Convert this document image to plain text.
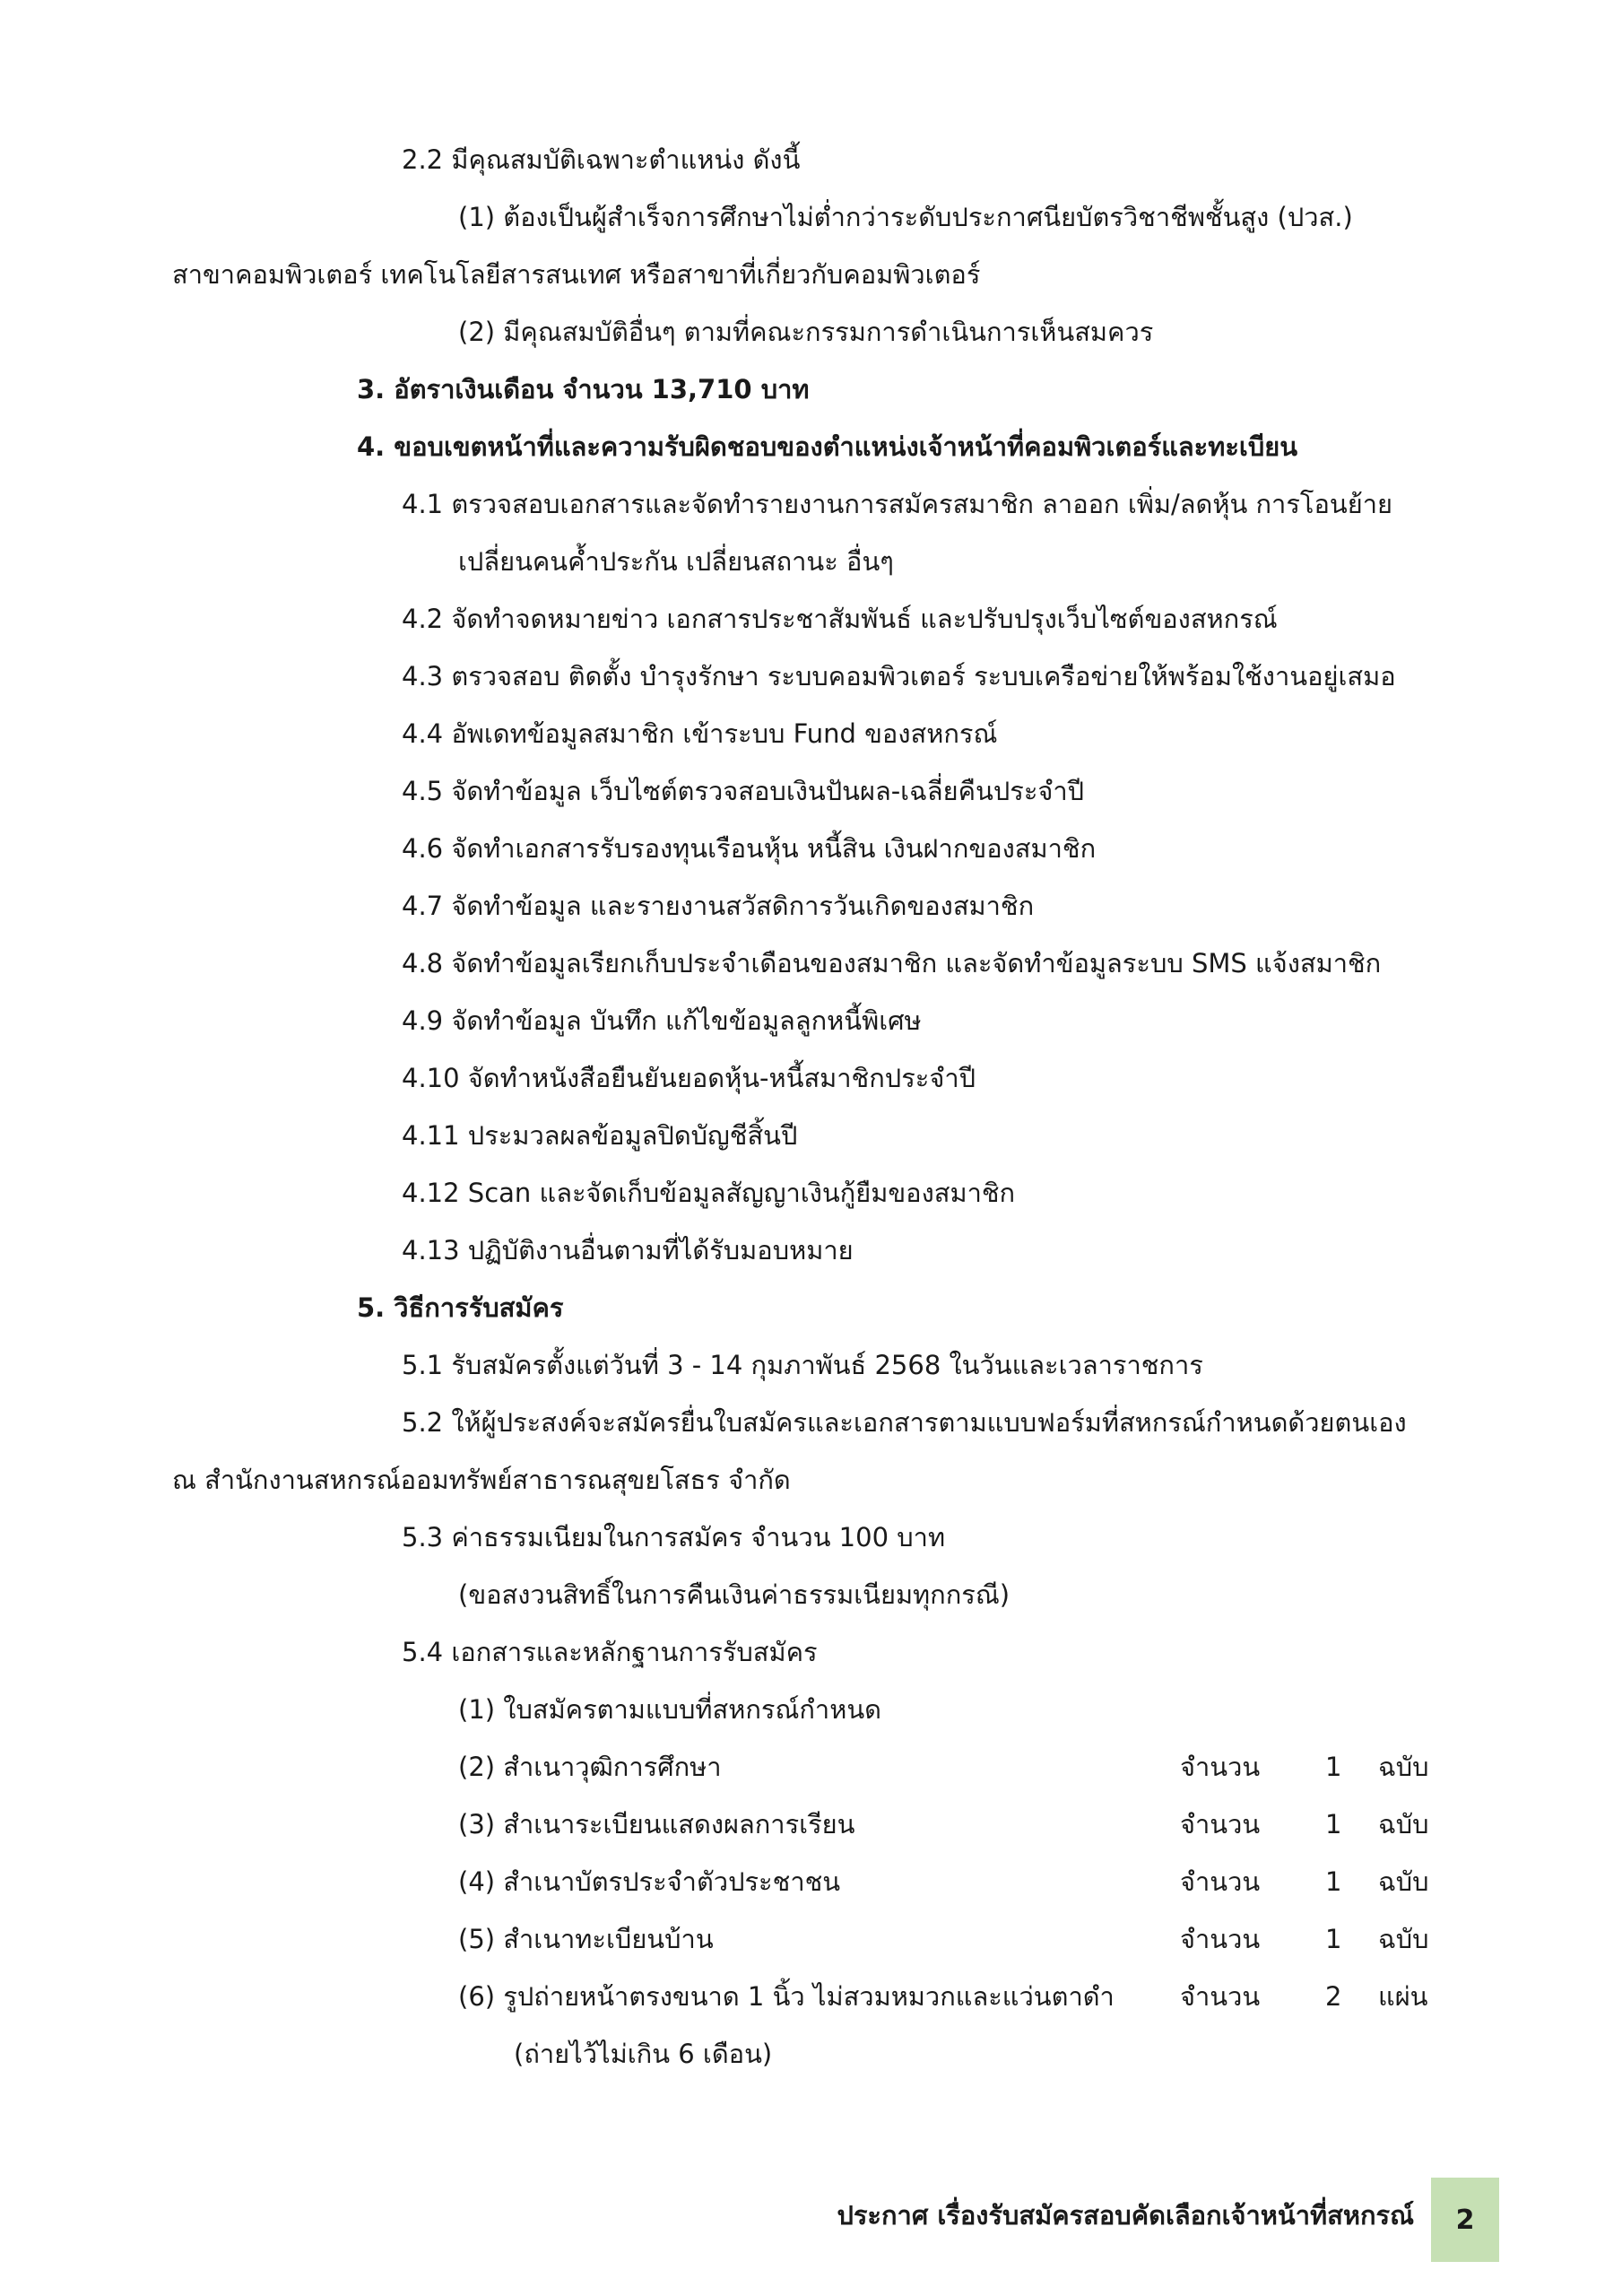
2.2 มีคุณสมบัติเฉพาะตำแหน่ง ดังนี้
(1) ต้องเป็นผู้สำเร็จการศึกษาไม่ต่ำกว่าระดับประกาศนียบัตรวิชาชีพชั้นสูง (ปวส.)
สาขาคอมพิวเตอร์ เทคโนโลยีสารสนเทศ หรือสาขาที่เกี่ยวกับคอมพิวเตอร์
(2) มีคุณสมบัติอื่นๆ ตามที่คณะกรรมการดำเนินการเห็นสมควร
3. อัตราเงินเดือน จำนวน 13,710 บาท
4. ขอบเขตหน้าที่และความรับผิดชอบของตำแหน่งเจ้าหน้าที่คอมพิวเตอร์และทะเบียน
4.1 ตรวจสอบเอกสารและจัดทำรายงานการสมัครสมาชิก ลาออก เพิ่ม/ลดหุ้น การโอนย้าย
เปลี่ยนคนค้ำประกัน เปลี่ยนสถานะ อื่นๆ
4.2 จัดทำจดหมายข่าว เอกสารประชาสัมพันธ์ และปรับปรุงเว็บไซต์ของสหกรณ์
4.3 ตรวจสอบ ติดตั้ง บำรุงรักษา ระบบคอมพิวเตอร์ ระบบเครือข่ายให้พร้อมใช้งานอยู่เสมอ
4.4 อัพเดทข้อมูลสมาชิก เข้าระบบ Fund ของสหกรณ์
4.5 จัดทำข้อมูล เว็บไซต์ตรวจสอบเงินปันผล-เฉลี่ยคืนประจำปี
4.6 จัดทำเอกสารรับรองทุนเรือนหุ้น หนี้สิน เงินฝากของสมาชิก
4.7 จัดทำข้อมูล และรายงานสวัสดิการวันเกิดของสมาชิก
4.8 จัดทำข้อมูลเรียกเก็บประจำเดือนของสมาชิก และจัดทำข้อมูลระบบ SMS แจ้งสมาชิก
4.9 จัดทำข้อมูล บันทึก แก้ไขข้อมูลลูกหนี้พิเศษ
4.10 จัดทำหนังสือยืนยันยอดหุ้น-หนี้สมาชิกประจำปี
4.11 ประมวลผลข้อมูลปิดบัญชีสิ้นปี
4.12 Scan และจัดเก็บข้อมูลสัญญาเงินกู้ยืมของสมาชิก
4.13 ปฏิบัติงานอื่นตามที่ได้รับมอบหมาย
5. วิธีการรับสมัคร
5.1 รับสมัครตั้งแต่วันที่ 3 - 14 กุมภาพันธ์ 2568 ในวันและเวลาราชการ
5.2 ให้ผู้ประสงค์จะสมัครยื่นใบสมัครและเอกสารตามแบบฟอร์มที่สหกรณ์กำหนดด้วยตนเอง
ณ สำนักงานสหกรณ์ออมทรัพย์สาธารณสุขยโสธร จำกัด
5.3 ค่าธรรมเนียมในการสมัคร จำนวน 100 บาท
(ขอสงวนสิทธิ์ในการคืนเงินค่าธรรมเนียมทุกกรณี)
5.4 เอกสารและหลักฐานการรับสมัคร
(1) ใบสมัครตามแบบที่สหกรณ์กำหนด
(2) สำเนาวุฒิการศึกษา	จำนวน	1 ฉบับ
(3) สำเนาระเบียนแสดงผลการเรียน	จำนวน	1 ฉบับ
(4) สำเนาบัตรประจำตัวประชาชน	จำนวน	1 ฉบับ
(5) สำเนาทะเบียนบ้าน	จำนวน	1 ฉบับ
(6) รูปถ่ายหน้าตรงขนาด 1 นิ้ว ไม่สวมหมวกและแว่นตาดำ	จำนวน	2 แผ่น
(ถ่ายไว้ไม่เกิน 6 เดือน)
ประกาศ เรื่องรับสมัครสอบคัดเลือกเจ้าหน้าที่สหกรณ์ 2
